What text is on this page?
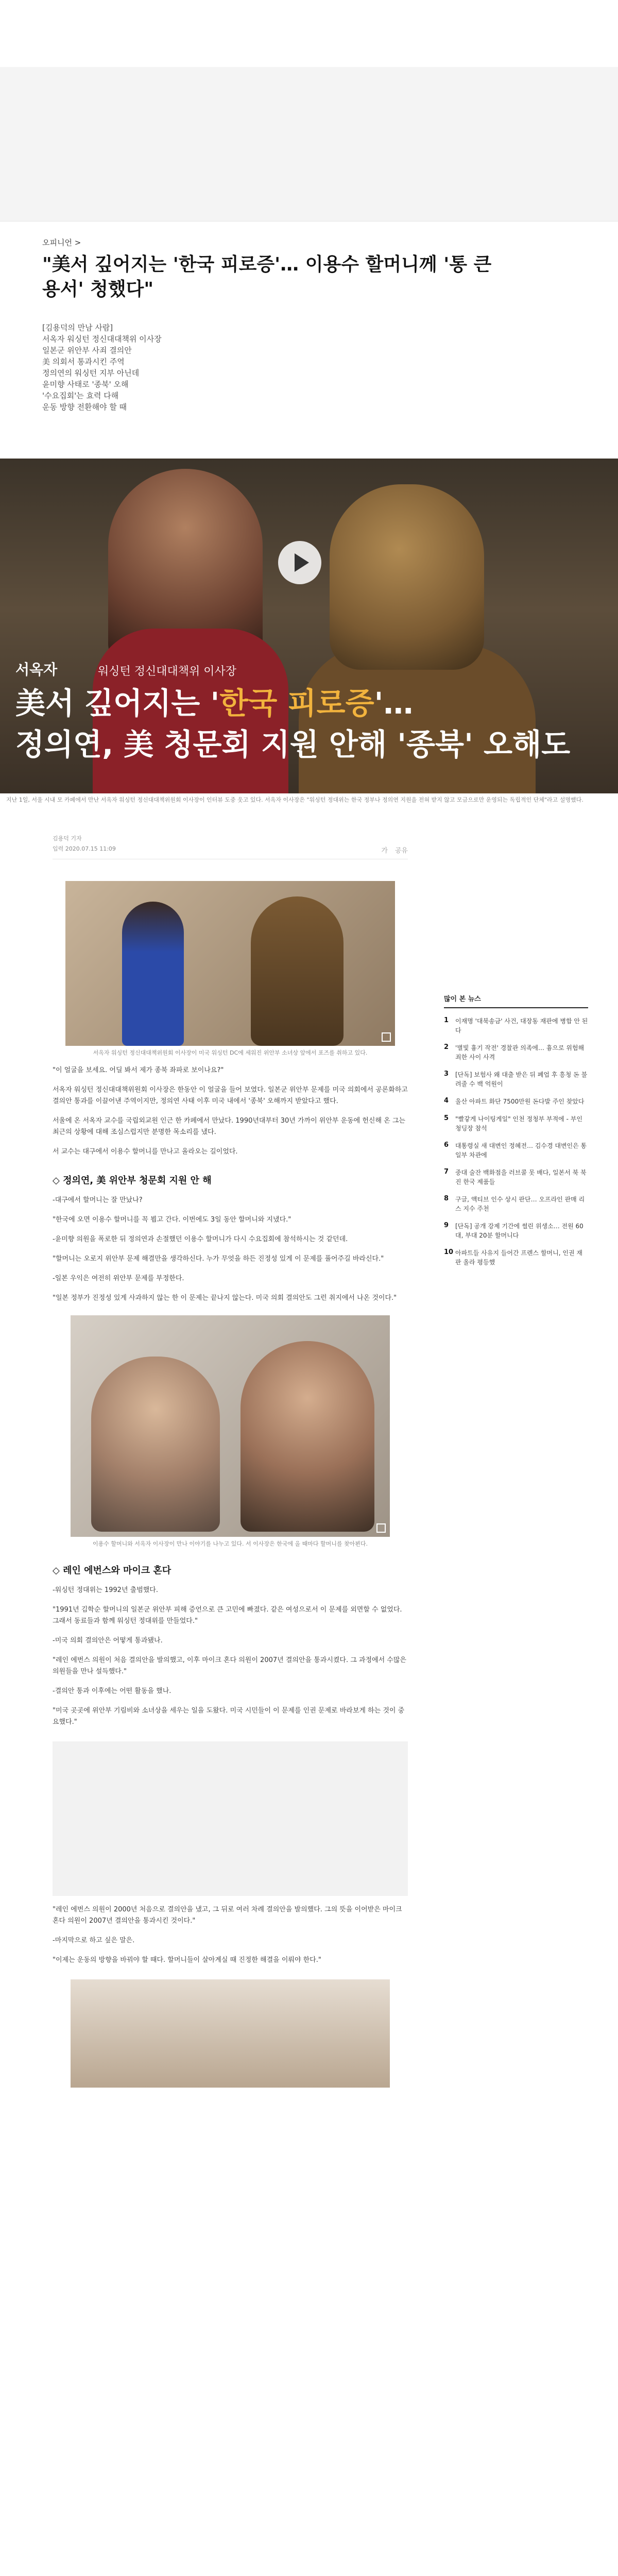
오피니언 >
"美서 깊어지는 '한국 피로증'… 이용수 할머니께 '통 큰 용서' 청했다"
[김용덕의 만남 사람]
서옥자 워싱턴 정신대대책위 이사장
일본군 위안부 사죄 결의안
美 의회서 통과시킨 주역
정의연의 워싱턴 지부 아닌데
윤미향 사태로 '종북' 오해
'수요집회'는 효력 다해
운동 방향 전환해야 할 때
서옥자	워싱턴 정신대대책위 이사장
美서 깊어지는 '한국 피로증'…
정의연, 美 청문회 지원 안해 '종북' 오해도
지난 1일, 서울 시내 모 카페에서 만난 서옥자 워싱턴 정신대대책위원회 이사장이 인터뷰 도중 웃고 있다. 서옥자 이사장은 "워싱턴 정대위는 한국 정부나 정의연 지원을 전혀 받지 않고 모금으로만 운영되는 독립적인 단체"라고 설명했다.
김용덕 기자
입력 2020.07.15 11:09	가 공유
서옥자 워싱턴 정신대대책위원회 이사장이 미국 워싱턴 DC에 세워진 위안부 소녀상 앞에서 포즈를 취하고 있다.

"이 얼굴을 보세요. 어딜 봐서 제가 종북 좌파로 보이나요?"

서옥자 워싱턴 정신대대책위원회 이사장은 한동안 이 얼굴을 들어 보였다. 일본군 위안부 문제를 미국 의회에서 공론화하고 결의안 통과를 이끌어낸 주역이지만, 정의연 사태 이후 미국 내에서 '종북' 오해까지 받았다고 했다.

서울에 온 서옥자 교수를 국립외교원 인근 한 카페에서 만났다. 1990년대부터 30년 가까이 위안부 운동에 헌신해 온 그는 최근의 상황에 대해 조심스럽지만 분명한 목소리를 냈다.

서 교수는 대구에서 이용수 할머니를 만나고 올라오는 길이었다.

◇ 정의연, 美 위안부 청문회 지원 안 해

-대구에서 할머니는 잘 만났나?

"한국에 오면 이용수 할머니를 꼭 뵙고 간다. 이번에도 3일 동안 할머니와 지냈다."

-윤미향 의원을 폭로한 뒤 정의연과 손절했던 이용수 할머니가 다시 수요집회에 참석하시는 것 같던데.

"할머니는 오로지 위안부 문제 해결만을 생각하신다. 누가 무엇을 하든 진정성 있게 이 문제를 풀어주길 바라신다."

-일본 우익은 여전히 위안부 문제를 부정한다.

"일본 정부가 진정성 있게 사과하지 않는 한 이 문제는 끝나지 않는다. 미국 의회 결의안도 그런 취지에서 나온 것이다."

이용수 할머니와 서옥자 이사장이 만나 이야기를 나누고 있다. 서 이사장은 한국에 올 때마다 할머니를 찾아뵌다.
◇ 레인 에번스와 마이크 혼다

-워싱턴 정대위는 1992년 출범했다.

"1991년 김학순 할머니의 일본군 위안부 피해 증언으로 큰 고민에 빠졌다. 같은 여성으로서 이 문제를 외면할 수 없었다. 그래서 동료들과 함께 워싱턴 정대위를 만들었다."

-미국 의회 결의안은 어떻게 통과됐나.

"레인 에번스 의원이 처음 결의안을 발의했고, 이후 마이크 혼다 의원이 2007년 결의안을 통과시켰다. 그 과정에서 수많은 의원들을 만나 설득했다."

-결의안 통과 이후에는 어떤 활동을 했나.

"미국 곳곳에 위안부 기림비와 소녀상을 세우는 일을 도왔다. 미국 시민들이 이 문제를 인권 문제로 바라보게 하는 것이 중요했다."

"레인 에번스 의원이 2000년 처음으로 결의안을 냈고, 그 뒤로 여러 차례 결의안을 발의했다. 그의 뜻을 이어받은 마이크 혼다 의원이 2007년 결의안을 통과시킨 것이다."

-마지막으로 하고 싶은 말은.

"이제는 운동의 방향을 바꿔야 할 때다. 할머니들이 살아계실 때 진정한 해결을 이뤄야 한다."

많이 본 뉴스
1	이재명 '대북송금' 사건, 대장동 재판에 병합 안 된다
2	'별빛 흉기 작전' 경찰관 의족에… 흉으로 위험해 죄한 사이 사격
3	[단독] 보험사 왜 대출 받은 뒤 폐업 후 흥청 돈 불려줄 수 백 억원이
4	울산 아파트 화단 7500만원 돈다발 주인 찾았다
5	"빨갛게 나이팅게일" 인천 정청부 부적에 - 부인 청딩장 참석
6	대통령실 새 대변인 정혜전… 김수경 대변인은 통일부 차관에
7	중대 술잔 백화점을 러브콜 못 배다, 일본서 북 북진 한국 제품들
8	구글, 액티브 인수 상시 판단… 오프라인 판매 리스 지수 주천
9	[단독] 공개 강제 기간에 썰린 위생소… 전원 60대, 부대 20분 할머니다
10 아파트들 사유지 들어간 프렌스 할머니, 인권 재판 올라 평등했
